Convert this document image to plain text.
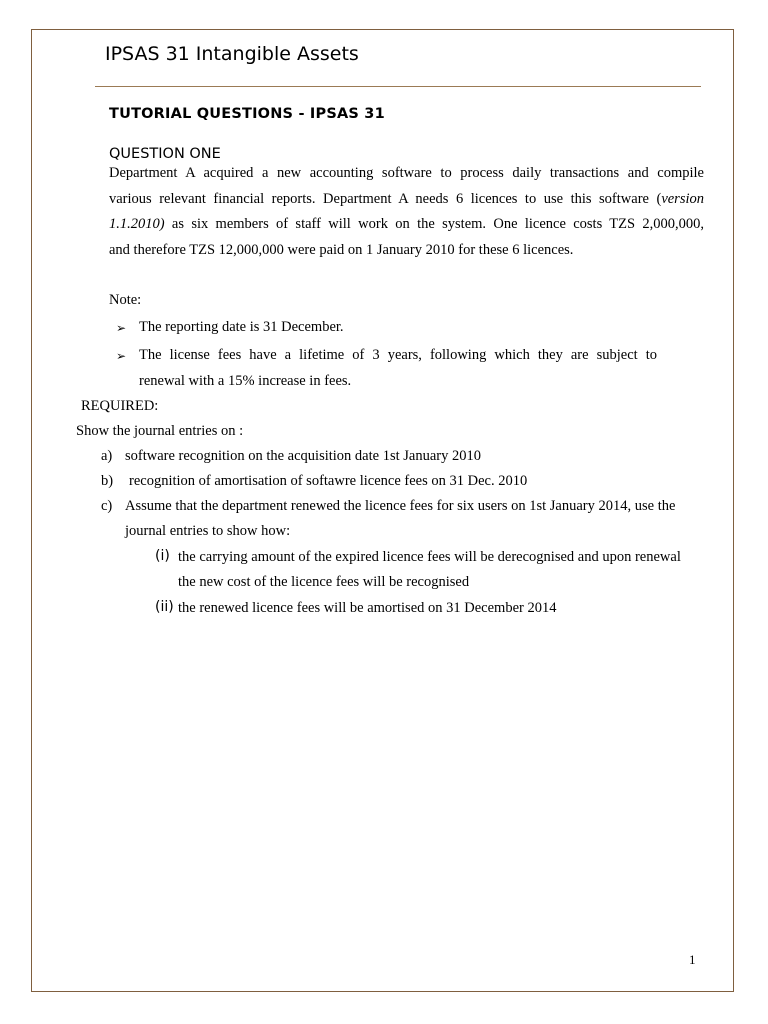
IPSAS 31 Intangible Assets
TUTORIAL QUESTIONS - IPSAS 31
QUESTION ONE
Department A acquired a new accounting software to process daily transactions and compile
various relevant financial reports. Department A needs 6 licences to use this software (version
1.1.2010) as six members of staff will work on the system. One licence costs TZS 2,000,000,
and therefore TZS 12,000,000 were paid on 1 January 2010 for these 6 licences.
Note:
➢ The reporting date is 31 December.
➢ The license fees have a lifetime of 3 years, following which they are subject to
renewal with a 15% increase in fees.
REQUIRED:
Show the journal entries on :
a) software recognition on the acquisition date 1st January 2010
b) recognition of amortisation of softawre licence fees on 31 Dec. 2010
c) Assume that the department renewed the licence fees for six users on 1st January 2014, use the
journal entries to show how:
(i) the carrying amount of the expired licence fees will be derecognised and upon renewal
the new cost of the licence fees will be recognised
(ii) the renewed licence fees will be amortised on 31 December 2014
1
